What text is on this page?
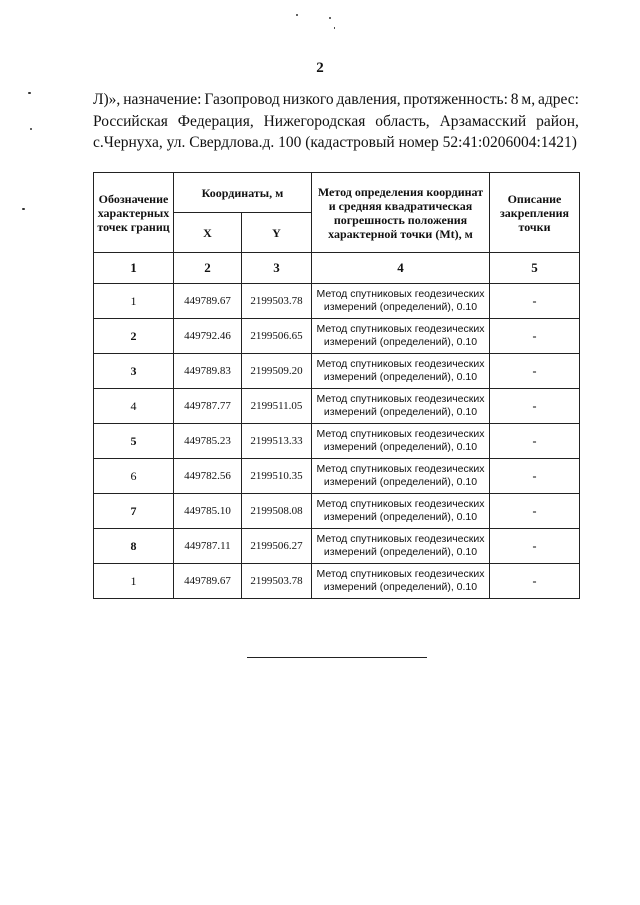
2
Л)», назначение: Газопровод низкого давления, протяженность: 8 м, адрес:
Российская Федерация, Нижегородская область, Арзамасский район,
с.Чернуха, ул. Свердлова.д. 100 (кадастровый номер 52:41:0206004:1421)
Обозначение характерных точек границ	Координаты, м		Метод определения координат и средняя квадратическая погрешность положения характерной точки (Mt), м	Описание закрепления точки
	X	Y		
1	2	3	4	5
1	449789.67	2199503.78	Метод спутниковых геодезических измерений (определений), 0.10	-
2	449792.46	2199506.65	Метод спутниковых геодезических измерений (определений), 0.10	-
3	449789.83	2199509.20	Метод спутниковых геодезических измерений (определений), 0.10	-
4	449787.77	2199511.05	Метод спутниковых геодезических измерений (определений), 0.10	-
5	449785.23	2199513.33	Метод спутниковых геодезических измерений (определений), 0.10	-
6	449782.56	2199510.35	Метод спутниковых геодезических измерений (определений), 0.10	-
7	449785.10	2199508.08	Метод спутниковых геодезических измерений (определений), 0.10	-
8	449787.11	2199506.27	Метод спутниковых геодезических измерений (определений), 0.10	-
1	449789.67	2199503.78	Метод спутниковых геодезических измерений (определений), 0.10	-
